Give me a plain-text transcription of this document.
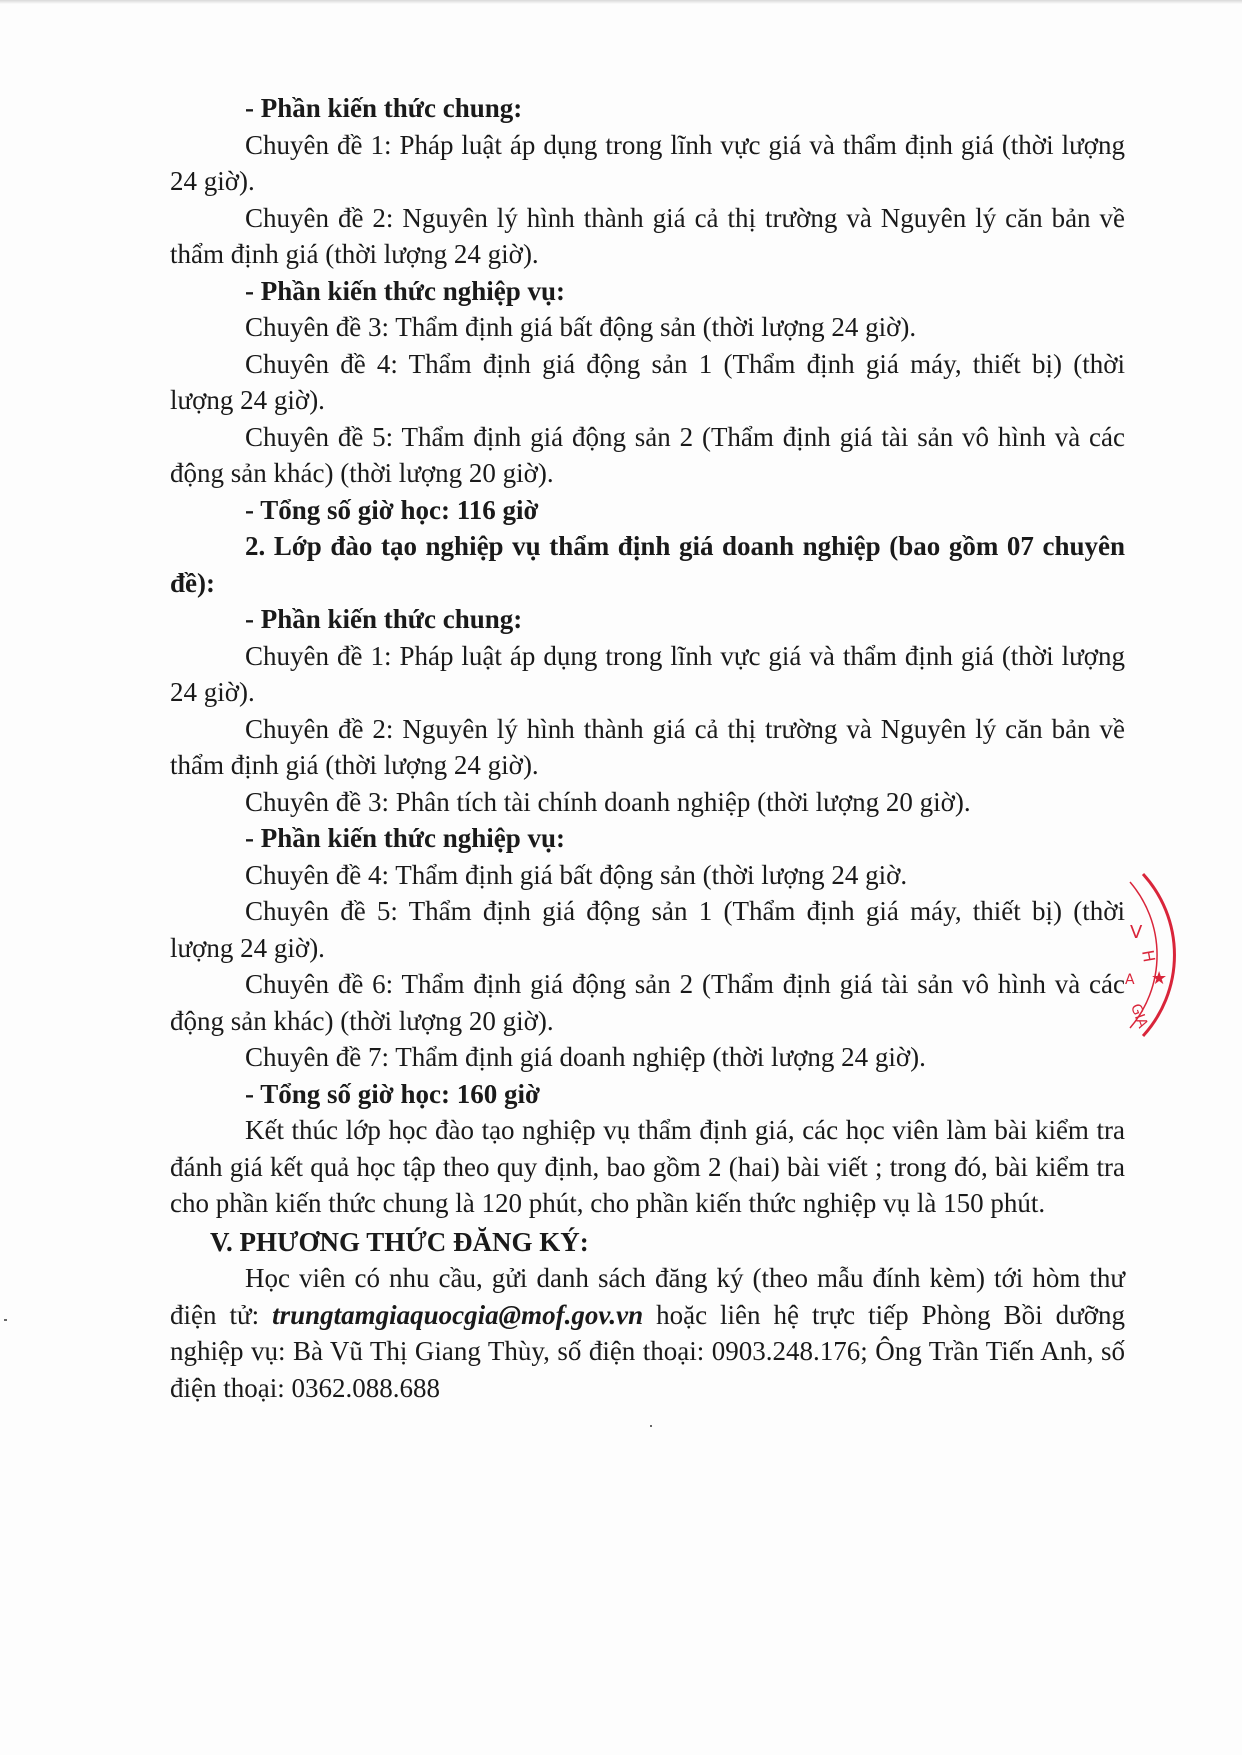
- Phần kiến thức chung:

Chuyên đề 1: Pháp luật áp dụng trong lĩnh vực giá và thẩm định giá (thời lượng 24 giờ).

Chuyên đề 2: Nguyên lý hình thành giá cả thị trường và Nguyên lý căn bản về thẩm định giá (thời lượng 24 giờ).

- Phần kiến thức nghiệp vụ:

Chuyên đề 3: Thẩm định giá bất động sản (thời lượng 24 giờ).

Chuyên đề 4: Thẩm định giá động sản 1 (Thẩm định giá máy, thiết bị) (thời lượng 24 giờ).

Chuyên đề 5: Thẩm định giá động sản 2 (Thẩm định giá tài sản vô hình và các động sản khác) (thời lượng 20 giờ).

- Tổng số giờ học: 116 giờ

2. Lớp đào tạo nghiệp vụ thẩm định giá doanh nghiệp (bao gồm 07 chuyên đề):

- Phần kiến thức chung:

Chuyên đề 1: Pháp luật áp dụng trong lĩnh vực giá và thẩm định giá (thời lượng 24 giờ).

Chuyên đề 2: Nguyên lý hình thành giá cả thị trường và Nguyên lý căn bản về thẩm định giá (thời lượng 24 giờ).

Chuyên đề 3: Phân tích tài chính doanh nghiệp (thời lượng 20 giờ).

- Phần kiến thức nghiệp vụ:

Chuyên đề 4: Thẩm định giá bất động sản (thời lượng 24 giờ.

Chuyên đề 5: Thẩm định giá động sản 1 (Thẩm định giá máy, thiết bị) (thời lượng 24 giờ).

Chuyên đề 6: Thẩm định giá động sản 2 (Thẩm định giá tài sản vô hình và các động sản khác) (thời lượng 20 giờ).

Chuyên đề 7: Thẩm định giá doanh nghiệp (thời lượng 24 giờ).

- Tổng số giờ học: 160 giờ

Kết thúc lớp học đào tạo nghiệp vụ thẩm định giá, các học viên làm bài kiểm tra đánh giá kết quả học tập theo quy định, bao gồm 2 (hai) bài viết ; trong đó, bài kiểm tra cho phần kiến thức chung là 120 phút, cho phần kiến thức nghiệp vụ là 150 phút.

V. PHƯƠNG THỨC ĐĂNG KÝ:

Học viên có nhu cầu, gửi danh sách đăng ký (theo mẫu đính kèm) tới hòm thư điện tử: trungtamgiaquocgia@mof.gov.vn hoặc liên hệ trực tiếp Phòng Bồi dưỡng nghiệp vụ: Bà Vũ Thị Giang Thùy, số điện thoại: 0903.248.176; Ông Trần Tiến Anh, số điện thoại: 0362.088.688

V
H
A ★
GIA
